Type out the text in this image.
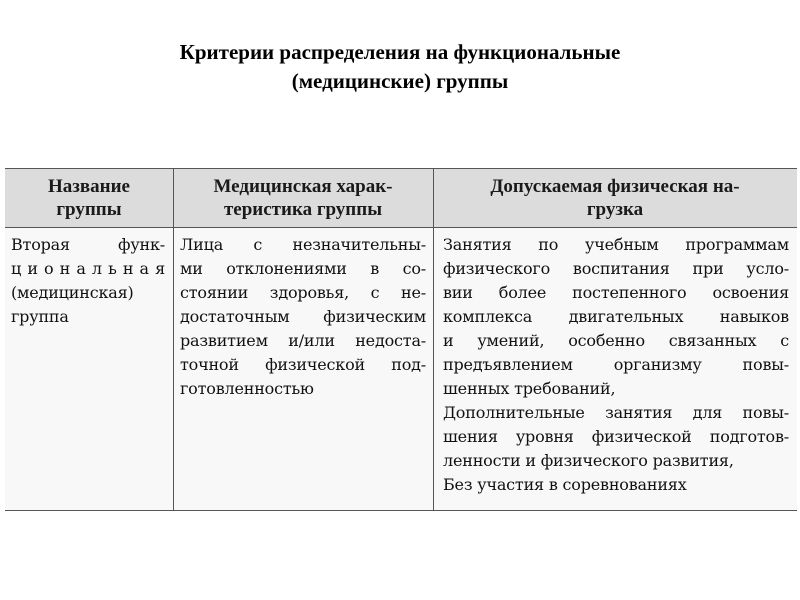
Критерии распределения на функциональные
(медицинские) группы
Название
группы
Медицинская харак-
теристика группы
Допускаемая физическая на-
грузка
Вторая функ-
ц и о н а л ь н а я
(медицинская)
группа
Лица с незначительны-
ми отклонениями в со-
стоянии здоровья, с не-
достаточным физическим
развитием и/или недоста-
точной физической под-
готовленностью
Занятия по учебным программам
физического воспитания при усло-
вии более постепенного освоения
комплекса двигательных навыков
и умений, особенно связанных с
предъявлением организму повы-
шенных требований,
Дополнительные занятия для повы-
шения уровня физической подготов-
ленности и физического развития,
Без участия в соревнованиях
